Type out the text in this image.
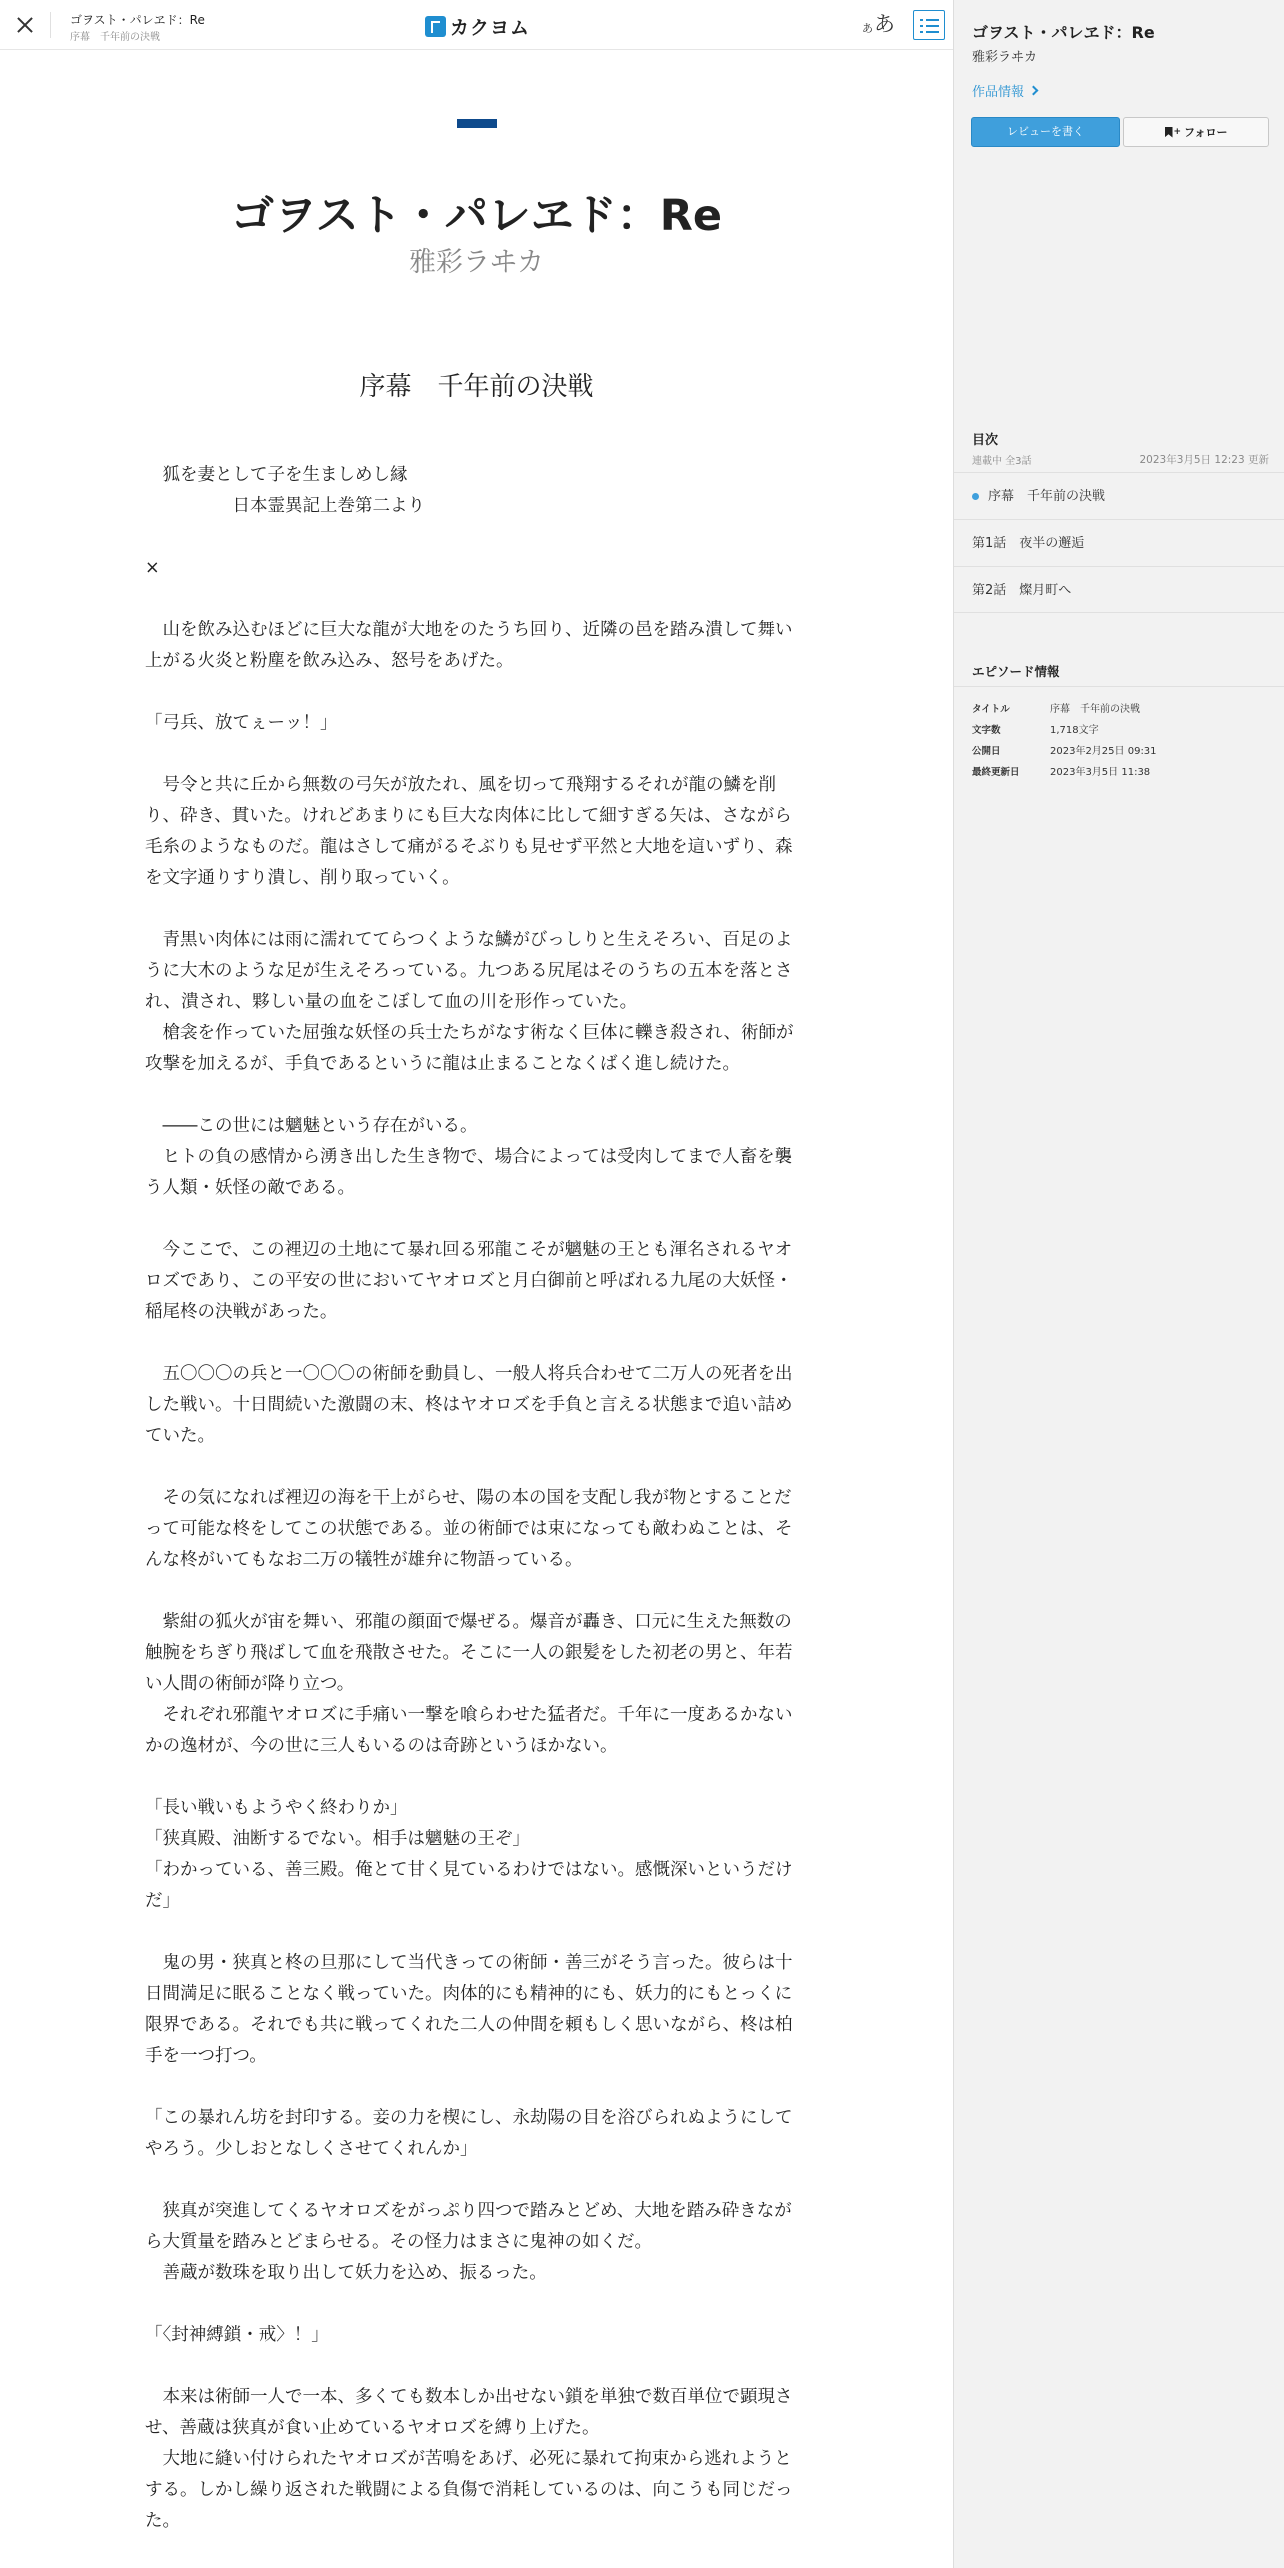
ゴヲスト・パレヱド：Re
序幕　千年前の決戦	カクヨム	あ あ
ゴヲスト・パレヱド：Re
雅彩ラヰカ
序幕　千年前の決戦

　狐を妻として子を生ましめし縁

　　　　　日本霊異記上巻第二より

×

　山を飲み込むほどに巨大な龍が大地をのたうち回り、近隣の邑を踏み潰して舞い上がる火炎と粉塵を飲み込み、怒号をあげた。

「弓兵、放てぇーッ！」

　号令と共に丘から無数の弓矢が放たれ、風を切って飛翔するそれが龍の鱗を削り、砕き、貫いた。けれどあまりにも巨大な肉体に比して細すぎる矢は、さながら毛糸のようなものだ。龍はさして痛がるそぶりも見せず平然と大地を這いずり、森を文字通りすり潰し、削り取っていく。

　青黒い肉体には雨に濡れててらつくような鱗がびっしりと生えそろい、百足のように大木のような足が生えそろっている。九つある尻尾はそのうちの五本を落とされ、潰され、夥しい量の血をこぼして血の川を形作っていた。

　槍衾を作っていた屈強な妖怪の兵士たちがなす術なく巨体に轢き殺され、術師が攻撃を加えるが、手負であるというに龍は止まることなくばく進し続けた。

　――この世には魑魅という存在がいる。

　ヒトの負の感情から湧き出した生き物で、場合によっては受肉してまで人畜を襲う人類・妖怪の敵である。

　今ここで、この裡辺の土地にて暴れ回る邪龍こそが魑魅の王とも渾名されるヤオロズであり、この平安の世においてヤオロズと月白御前と呼ばれる九尾の大妖怪・稲尾柊の決戦があった。

　五〇〇〇の兵と一〇〇〇の術師を動員し、一般人将兵合わせて二万人の死者を出した戦い。十日間続いた激闘の末、柊はヤオロズを手負と言える状態まで追い詰めていた。

　その気になれば裡辺の海を干上がらせ、陽の本の国を支配し我が物とすることだって可能な柊をしてこの状態である。並の術師では束になっても敵わぬことは、そんな柊がいてもなお二万の犠牲が雄弁に物語っている。

　紫紺の狐火が宙を舞い、邪龍の顔面で爆ぜる。爆音が轟き、口元に生えた無数の触腕をちぎり飛ばして血を飛散させた。そこに一人の銀髪をした初老の男と、年若い人間の術師が降り立つ。

　それぞれ邪龍ヤオロズに手痛い一撃を喰らわせた猛者だ。千年に一度あるかないかの逸材が、今の世に三人もいるのは奇跡というほかない。

「長い戦いもようやく終わりか」

「狭真殿、油断するでない。相手は魑魅の王ぞ」

「わかっている、善三殿。俺とて甘く見ているわけではない。感慨深いというだけだ」

　鬼の男・狭真と柊の旦那にして当代きっての術師・善三がそう言った。彼らは十日間満足に眠ることなく戦っていた。肉体的にも精神的にも、妖力的にもとっくに限界である。それでも共に戦ってくれた二人の仲間を頼もしく思いながら、柊は柏手を一つ打つ。

「この暴れん坊を封印する。妾の力を楔にし、永劫陽の目を浴びられぬようにしてやろう。少しおとなしくさせてくれんか」

　狭真が突進してくるヤオロズをがっぷり四つで踏みとどめ、大地を踏み砕きながら大質量を踏みとどまらせる。その怪力はまさに鬼神の如くだ。

　善蔵が数珠を取り出して妖力を込め、振るった。

「〈封神縛鎖・戒〉！」

　本来は術師一人で一本、多くても数本しか出せない鎖を単独で数百単位で顕現させ、善蔵は狭真が食い止めているヤオロズを縛り上げた。

　大地に縫い付けられたヤオロズが苦鳴をあげ、必死に暴れて拘束から逃れようとする。しかし繰り返された戦闘による負傷で消耗しているのは、向こうも同じだった。

ゴヲスト・パレヱド：Re
雅彩ラヰカ
作品情報
レビューを書く	+ フォロー
目次
連載中 全3話	2023年3月5日 12:23 更新
序幕　千年前の決戦
第1話　夜半の邂逅
第2話　燦月町へ
エピソード情報
タイトル	序幕　千年前の決戦
文字数	1,718文字
公開日	2023年2月25日 09:31
最終更新日	2023年3月5日 11:38
